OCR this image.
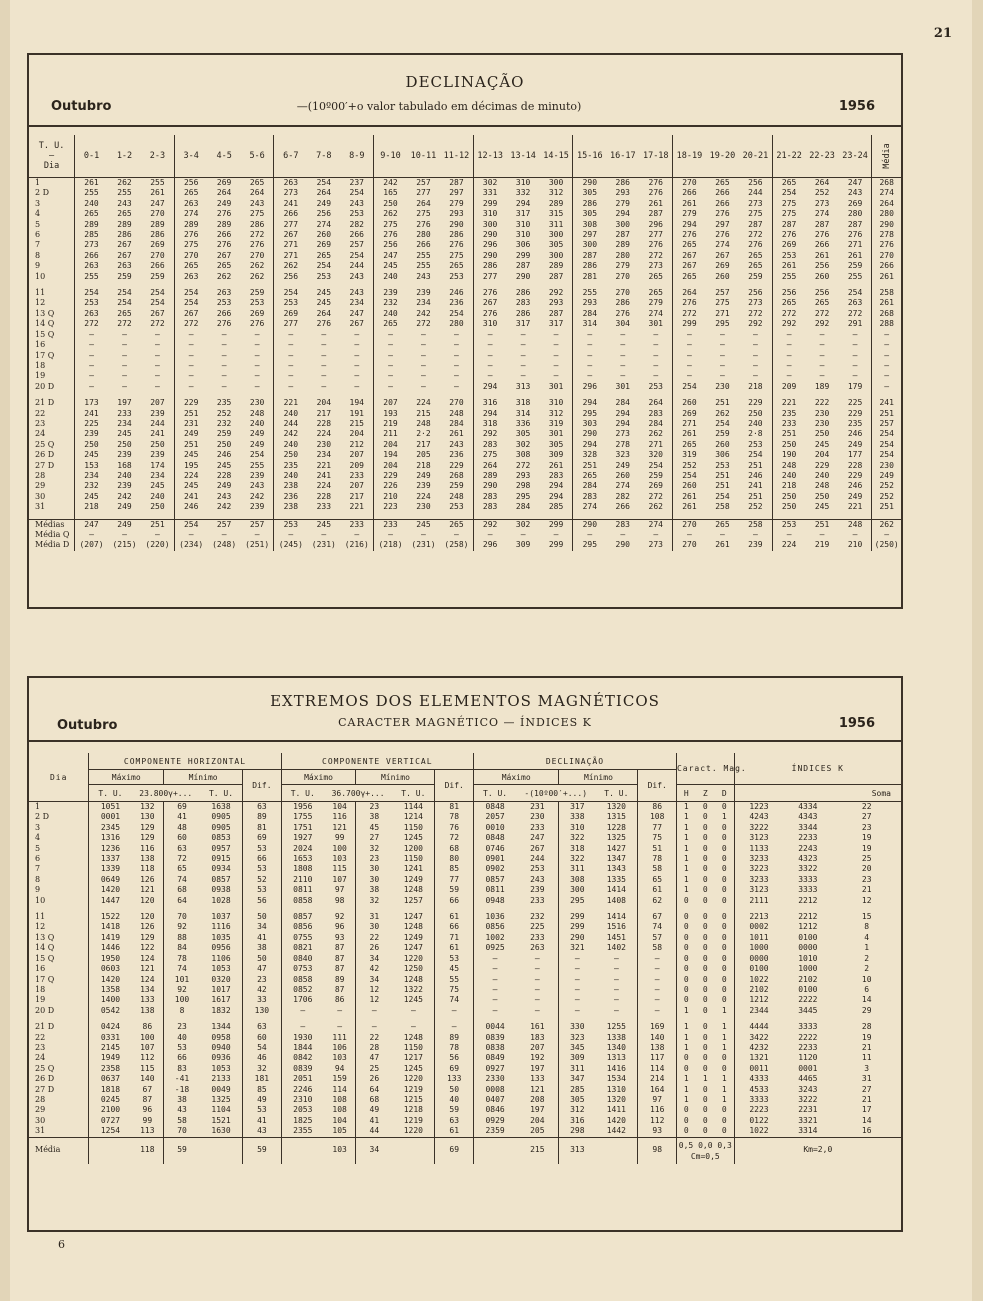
21
DECLINAÇÃO
Outubro	—(10º00′+o valor tabulado em décimas de minuto)	1956
T. U.
—
Dia	0-1	1-2	2-3	3-4	4-5	5-6	6-7	7-8	8-9	9-10	10-11	11-12	12-13	13-14	14-15	15-16	16-17	17-18	18-19	19-20	20-21	21-22	22-23	23-24	Média
1	261	262	255	256	269	265	263	254	237	242	257	287	302	310	300	290	286	276	270	265	256	265	264	247	268
2 D	255	255	261	265	264	264	273	264	254	165	277	297	331	332	312	305	293	276	266	266	244	254	252	243	274
3	240	243	247	263	249	243	241	249	243	250	264	279	299	294	289	286	279	261	261	266	273	275	273	269	264
4	265	265	270	274	276	275	266	256	253	262	275	293	310	317	315	305	294	287	279	276	275	275	274	280	280
5	289	289	289	289	289	286	277	274	282	275	276	290	300	310	311	308	300	296	294	297	287	287	287	287	290
6	285	286	286	276	266	272	267	260	266	276	280	286	290	310	300	297	287	277	276	276	272	276	276	276	278
7	273	267	269	275	276	276	271	269	257	256	266	276	296	306	305	300	289	276	265	274	276	269	266	271	276
8	266	267	270	270	267	270	271	265	254	247	255	275	290	299	300	287	280	272	267	267	265	253	261	261	270
9	263	263	266	265	265	262	262	254	244	245	255	265	286	287	289	286	279	273	267	269	265	261	256	259	266
10	255	259	259	263	262	262	256	253	243	240	243	253	277	290	287	281	270	265	265	260	259	255	260	255	261

11	254	254	254	254	263	259	254	245	243	239	239	246	276	286	292	255	270	265	264	257	256	256	256	254	258
12	253	254	254	254	253	253	253	245	234	232	234	236	267	283	293	293	286	279	276	275	273	265	265	263	261
13 Q	263	265	267	267	266	269	269	264	247	240	242	254	276	286	287	284	276	274	272	271	272	272	272	272	268
14 Q	272	272	272	272	276	276	277	276	267	265	272	280	310	317	317	314	304	301	299	295	292	292	292	291	288
15 Q	—	—	—	—	—	—	—	—	—	—	—	—	—	—	—	—	—	—	—	—	—	—	—	—	—
16	—	—	—	—	—	—	—	—	—	—	—	—	—	—	—	—	—	—	—	—	—	—	—	—	—
17 Q	—	—	—	—	—	—	—	—	—	—	—	—	—	—	—	—	—	—	—	—	—	—	—	—	—
18	—	—	—	—	—	—	—	—	—	—	—	—	—	—	—	—	—	—	—	—	—	—	—	—	—
19	—	—	—	—	—	—	—	—	—	—	—	—	—	—	—	—	—	—	—	—	—	—	—	—	—
20 D	—	—	—	—	—	—	—	—	—	—	—	—	294	313	301	296	301	253	254	230	218	209	189	179	—

21 D	173	197	207	229	235	230	221	204	194	207	224	270	316	318	310	294	284	264	260	251	229	221	222	225	241
22	241	233	239	251	252	248	240	217	191	193	215	248	294	314	312	295	294	283	269	262	250	235	230	229	251
23	225	234	244	231	232	240	244	228	215	219	248	284	318	336	319	303	294	284	271	254	240	233	230	235	257
24	239	245	241	249	259	249	242	224	204	211	2·2	261	292	305	301	290	273	262	261	259	2·8	251	250	246	254
25 Q	250	250	250	251	250	249	240	230	212	204	217	243	283	302	305	294	278	271	265	260	253	250	245	249	254
26 D	245	239	239	245	246	254	250	234	207	194	205	236	275	308	309	328	323	320	319	306	254	190	204	177	254
27 D	153	168	174	195	245	255	235	221	209	204	218	229	264	272	261	251	249	254	252	253	251	248	229	228	230
28	234	240	234	224	228	239	240	241	233	229	249	268	289	293	283	265	260	259	254	251	246	240	240	229	249
29	232	239	245	245	249	243	238	224	207	226	239	259	290	298	294	284	274	269	260	251	241	218	248	246	252
30	245	242	240	241	243	242	236	228	217	210	224	248	283	295	294	283	282	272	261	254	251	250	250	249	252
31	218	249	250	246	242	239	238	233	221	223	230	253	283	284	285	274	266	262	261	258	252	250	245	221	251

Médias	247	249	251	254	257	257	253	245	233	233	245	265	292	302	299	290	283	274	270	265	258	253	251	248	262
Média Q	—	—	—	—	—	—	—	—	—	—	—	—	—	—	—	—	—	—	—	—	—	—	—	—	—
Média D	(207)	(215)	(220)	(234)	(248)	(251)	(245)	(231)	(216)	(218)	(231)	(258)	296	309	299	295	290	273	270	261	239	224	219	210	(250)
EXTREMOS DOS ELEMENTOS MAGNÉTICOS
CARACTER MAGNÉTICO — ÍNDICES K
Outubro	1956
Dia	COMPONENTE HORIZONTAL					COMPONENTE VERTICAL					DECLINAÇÃO					Caract. Mag.			ÍNDICES K		
	Máximo		Mínimo		Dif.	Máximo		Mínimo		Dif.	Máximo		Mínimo		Dif.						
	T. U.	23.800γ+...		T. U.		T. U.	36.700γ+...		T. U.		T. U.	-(10º00′+...)		T. U.		H	Z	D	Soma		
1	1051	132	69	1638	63	1956	104	23	1144	81	0848	231	317	1320	86	1	0	0	1223	4334	22
2 D	0001	130	41	0905	89	1755	116	38	1214	78	2057	230	338	1315	108	1	0	1	4243	4343	27
3	2345	129	48	0905	81	1751	121	45	1150	76	0010	233	310	1228	77	1	0	0	3222	3344	23
4	1316	129	60	0853	69	1927	99	27	1245	72	0848	247	322	1325	75	1	0	0	3123	2233	19
5	1236	116	63	0957	53	2024	100	32	1200	68	0746	267	318	1427	51	1	0	0	1133	2243	19
6	1337	138	72	0915	66	1653	103	23	1150	80	0901	244	322	1347	78	1	0	0	3233	4323	25
7	1339	118	65	0934	53	1808	115	30	1241	85	0902	253	311	1343	58	1	0	0	3223	3322	20
8	0649	126	74	0857	52	2110	107	30	1249	77	0857	243	308	1335	65	1	0	0	3233	3333	23
9	1420	121	68	0938	53	0811	97	38	1248	59	0811	239	300	1414	61	1	0	0	3123	3333	21
10	1447	120	64	1028	56	0858	98	32	1257	66	0948	233	295	1408	62	0	0	0	2111	2212	12

11	1522	120	70	1037	50	0857	92	31	1247	61	1036	232	299	1414	67	0	0	0	2213	2212	15
12	1418	126	92	1116	34	0856	96	30	1248	66	0856	225	299	1516	74	0	0	0	0002	1212	8
13 Q	1419	129	88	1035	41	0755	93	22	1249	71	1002	233	290	1451	57	0	0	0	1011	0100	4
14 Q	1446	122	84	0956	38	0821	87	26	1247	61	0925	263	321	1402	58	0	0	0	1000	0000	1
15 Q	1950	124	78	1106	50	0840	87	34	1220	53	—	—	—	—	—	0	0	0	0000	1010	2
16	0603	121	74	1053	47	0753	87	42	1250	45	—	—	—	—	—	0	0	0	0100	1000	2
17 Q	1420	124	101	0320	23	0858	89	34	1248	55	—	—	—	—	—	0	0	0	1022	2102	10
18	1358	134	92	1017	42	0852	87	12	1322	75	—	—	—	—	—	0	0	0	2102	0100	6
19	1400	133	100	1617	33	1706	86	12	1245	74	—	—	—	—	—	0	0	0	1212	2222	14
20 D	0542	138	8	1832	130	—	—	—	—	—	—	—	—	—	—	1	0	1	2344	3445	29

21 D	0424	86	23	1344	63	—	—	—	—	—	0044	161	330	1255	169	1	0	1	4444	3333	28
22	0331	100	40	0958	60	1930	111	22	1248	89	0839	183	323	1338	140	1	0	1	3422	2222	19
23	2145	107	53	0940	54	1844	106	28	1150	78	0838	207	345	1340	138	1	0	1	4232	2233	21
24	1949	112	66	0936	46	0842	103	47	1217	56	0849	192	309	1313	117	0	0	0	1321	1120	11
25 Q	2358	115	83	1053	32	0839	94	25	1245	69	0927	197	311	1416	114	0	0	0	0011	0001	3
26 D	0637	140	-41	2133	181	2051	159	26	1220	133	2330	133	347	1534	214	1	1	1	4333	4465	31
27 D	1818	67	-18	0049	85	2246	114	64	1219	50	0008	121	285	1310	164	1	0	1	4533	3243	27
28	0245	87	38	1325	49	2310	108	68	1215	40	0407	208	305	1320	97	1	0	1	3333	3222	21
29	2100	96	43	1104	53	2053	108	49	1218	59	0846	197	312	1411	116	0	0	0	2223	2231	17
30	0727	99	58	1521	41	1825	104	41	1219	63	0929	204	316	1420	112	0	0	0	0122	3321	14
31	1254	113	70	1630	43	2355	105	44	1220	61	2359	205	298	1442	93	0	0	0	1022	3314	16
Média		118	59		59		103	34		69		215	313		98	0,5 0,0 0,3
Cm=0,5			Km=2,0		
6
